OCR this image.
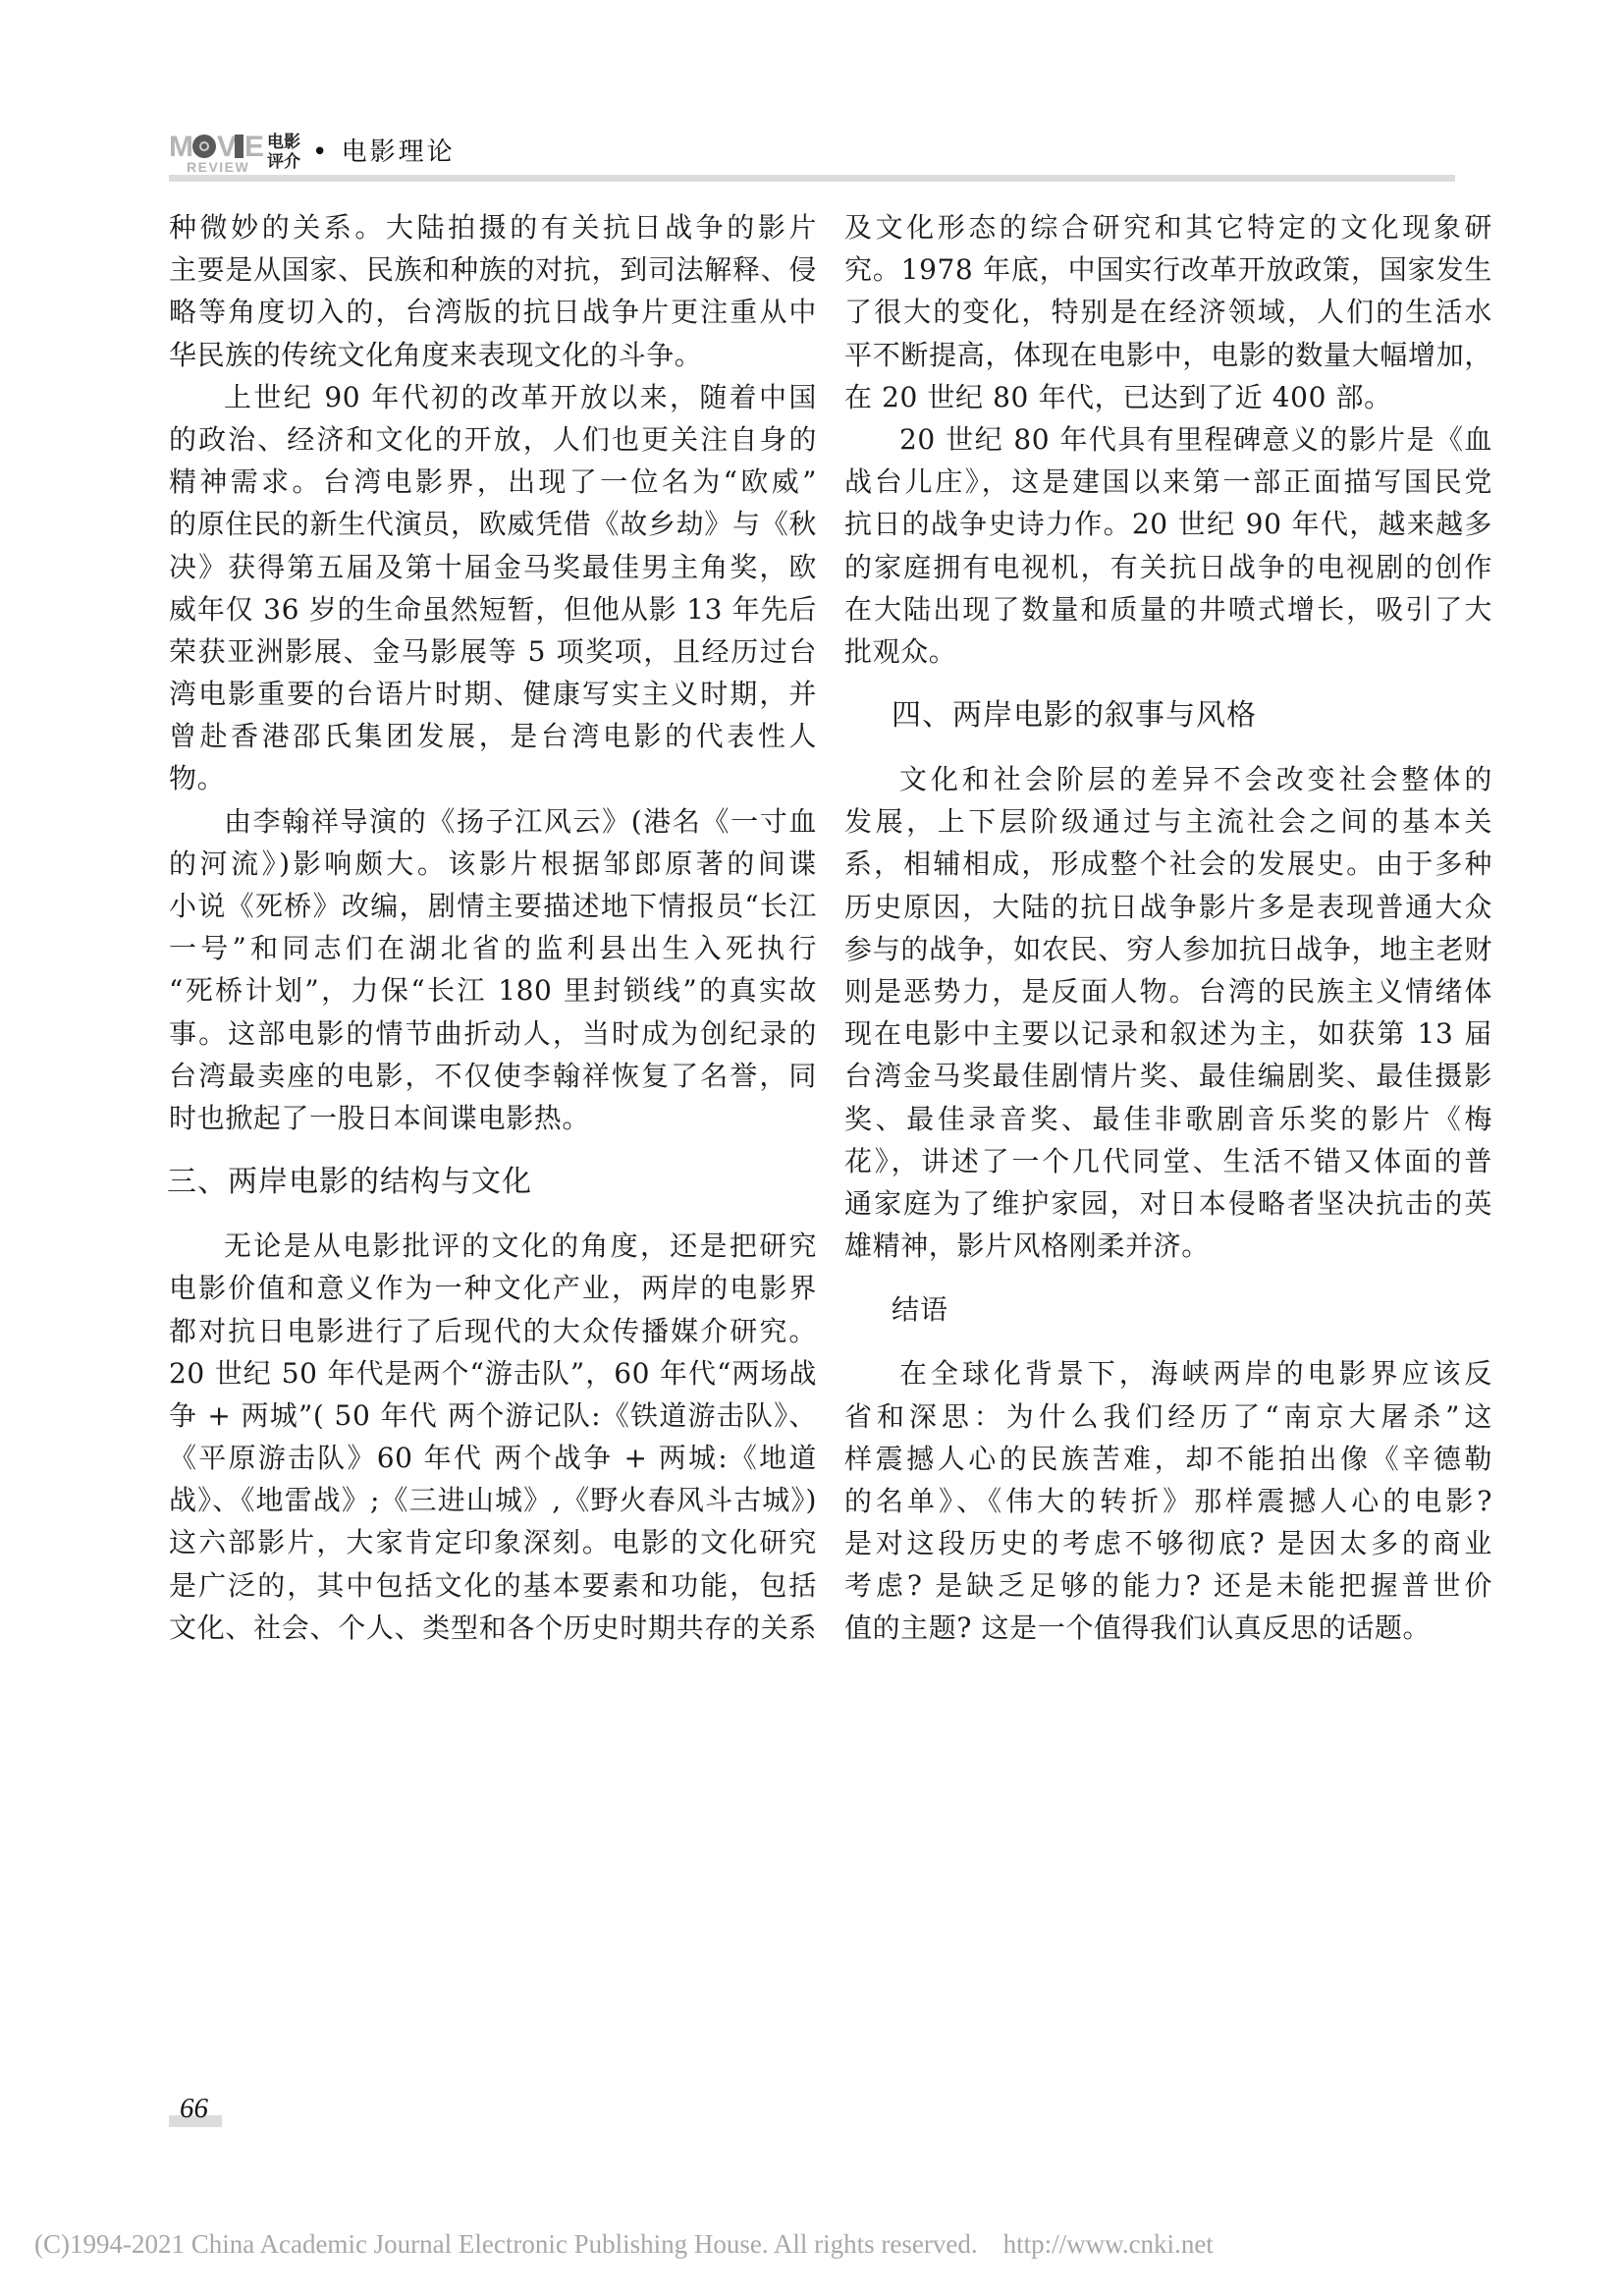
M V E
REVIEW
电影评介 • 电影理论
种微妙的关系。大陆拍摄的有关抗日战争的影片
主要是从国家、民族和种族的对抗，到司法解释、侵
略等角度切入的，台湾版的抗日战争片更注重从中
华民族的传统文化角度来表现文化的斗争。
上世纪 90 年代初的改革开放以来，随着中国
的政治、经济和文化的开放，人们也更关注自身的
精神需求。台湾电影界，出现了一位名为“欧威”
的原住民的新生代演员，欧威凭借《故乡劫》与《秋
决》获得第五届及第十届金马奖最佳男主角奖，欧
威年仅 36 岁的生命虽然短暂，但他从影 13 年先后
荣获亚洲影展、金马影展等 5 项奖项，且经历过台
湾电影重要的台语片时期、健康写实主义时期，并
曾赴香港邵氏集团发展，是台湾电影的代表性人
物。
由李翰祥导演的《扬子江风云》(港名《一寸血
的河流》)影响颇大。该影片根据邹郎原著的间谍
小说《死桥》改编，剧情主要描述地下情报员“长江
一号”和同志们在湖北省的监利县出生入死执行
“死桥计划”，力保“长江 180 里封锁线”的真实故
事。这部电影的情节曲折动人，当时成为创纪录的
台湾最卖座的电影，不仅使李翰祥恢复了名誉，同
时也掀起了一股日本间谍电影热。
三、两岸电影的结构与文化
无论是从电影批评的文化的角度，还是把研究
电影价值和意义作为一种文化产业，两岸的电影界
都对抗日电影进行了后现代的大众传播媒介研究。
20 世纪 50 年代是两个“游击队”，60 年代“两场战
争 + 两城”( 50 年代 两个游记队:《铁道游击队》、
《平原游击队》60 年代 两个战争 + 两城:《地道
战》、《地雷战》;《三进山城》,《野火春风斗古城》)
这六部影片，大家肯定印象深刻。电影的文化研究
是广泛的，其中包括文化的基本要素和功能，包括
文化、社会、个人、类型和各个历史时期共存的关系
及文化形态的综合研究和其它特定的文化现象研
究。1978 年底，中国实行改革开放政策，国家发生
了很大的变化，特别是在经济领域，人们的生活水
平不断提高，体现在电影中，电影的数量大幅增加，
在 20 世纪 80 年代，已达到了近 400 部。
20 世纪 80 年代具有里程碑意义的影片是《血
战台儿庄》，这是建国以来第一部正面描写国民党
抗日的战争史诗力作。20 世纪 90 年代，越来越多
的家庭拥有电视机，有关抗日战争的电视剧的创作
在大陆出现了数量和质量的井喷式增长，吸引了大
批观众。
四、两岸电影的叙事与风格
文化和社会阶层的差异不会改变社会整体的
发展，上下层阶级通过与主流社会之间的基本关
系，相辅相成，形成整个社会的发展史。由于多种
历史原因，大陆的抗日战争影片多是表现普通大众
参与的战争，如农民、穷人参加抗日战争，地主老财
则是恶势力，是反面人物。台湾的民族主义情绪体
现在电影中主要以记录和叙述为主，如获第 13 届
台湾金马奖最佳剧情片奖、最佳编剧奖、最佳摄影
奖、最佳录音奖、最佳非歌剧音乐奖的影片《梅
花》，讲述了一个几代同堂、生活不错又体面的普
通家庭为了维护家园，对日本侵略者坚决抗击的英
雄精神，影片风格刚柔并济。
结语
在全球化背景下，海峡两岸的电影界应该反
省和深思：为什么我们经历了“南京大屠杀”这
样震撼人心的民族苦难，却不能拍出像《辛德勒
的名单》、《伟大的转折》那样震撼人心的电影?
是对这段历史的考虑不够彻底? 是因太多的商业
考虑? 是缺乏足够的能力? 还是未能把握普世价
值的主题? 这是一个值得我们认真反思的话题。
66
(C)1994-2021 China Academic Journal Electronic Publishing House. All rights reserved. http://www.cnki.net
